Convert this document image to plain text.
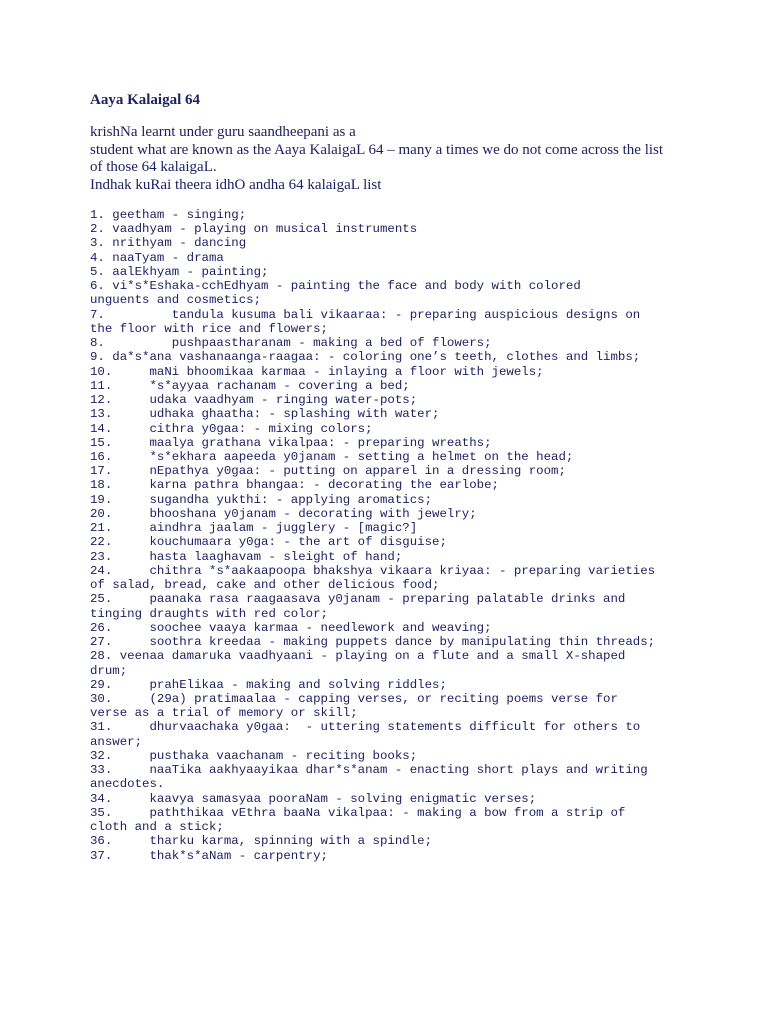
Aaya Kalaigal 64
krishNa learnt under guru saandheepani as a
student what are known as the Aaya KalaigaL 64 – many a times we do not come across the list
of those 64 kalaigaL.
Indhak kuRai theera idhO andha 64 kalaigaL list
1. geetham - singing;
2. vaadhyam - playing on musical instruments
3. nrithyam - dancing
4. naaTyam - drama
5. aalEkhyam - painting;
6. vi*s*Eshaka-cchEdhyam - painting the face and body with colored
unguents and cosmetics;
7.         tandula kusuma bali vikaaraa: - preparing auspicious designs on
the floor with rice and flowers;
8.         pushpaastharanam - making a bed of flowers;
9. da*s*ana vashanaanga-raagaa: - coloring one’s teeth, clothes and limbs;
10.     maNi bhoomikaa karmaa - inlaying a floor with jewels;
11.     *s*ayyaa rachanam - covering a bed;
12.     udaka vaadhyam - ringing water-pots;
13.     udhaka ghaatha: - splashing with water;
14.     cithra y0gaa: - mixing colors;
15.     maalya grathana vikalpaa: - preparing wreaths;
16.     *s*ekhara aapeeda y0janam - setting a helmet on the head;
17.     nEpathya y0gaa: - putting on apparel in a dressing room;
18.     karna pathra bhangaa: - decorating the earlobe;
19.     sugandha yukthi: - applying aromatics;
20.     bhooshana y0janam - decorating with jewelry;
21.     aindhra jaalam - jugglery - [magic?]
22.     kouchumaara y0ga: - the art of disguise;
23.     hasta laaghavam - sleight of hand;
24.     chithra *s*aakaapoopa bhakshya vikaara kriyaa: - preparing varieties
of salad, bread, cake and other delicious food;
25.     paanaka rasa raagaasava y0janam - preparing palatable drinks and
tinging draughts with red color;
26.     soochee vaaya karmaa - needlework and weaving;
27.     soothra kreedaa - making puppets dance by manipulating thin threads;
28. veenaa damaruka vaadhyaani - playing on a flute and a small X-shaped
drum;
29.     prahElikaa - making and solving riddles;
30.     (29a) pratimaalaa - capping verses, or reciting poems verse for
verse as a trial of memory or skill;
31.     dhurvaachaka y0gaa:  - uttering statements difficult for others to
answer;
32.     pusthaka vaachanam - reciting books;
33.     naaTika aakhyaayikaa dhar*s*anam - enacting short plays and writing
anecdotes.
34.     kaavya samasyaa pooraNam - solving enigmatic verses;
35.     paththikaa vEthra baaNa vikalpaa: - making a bow from a strip of
cloth and a stick;
36.     tharku karma, spinning with a spindle;
37.     thak*s*aNam - carpentry;
